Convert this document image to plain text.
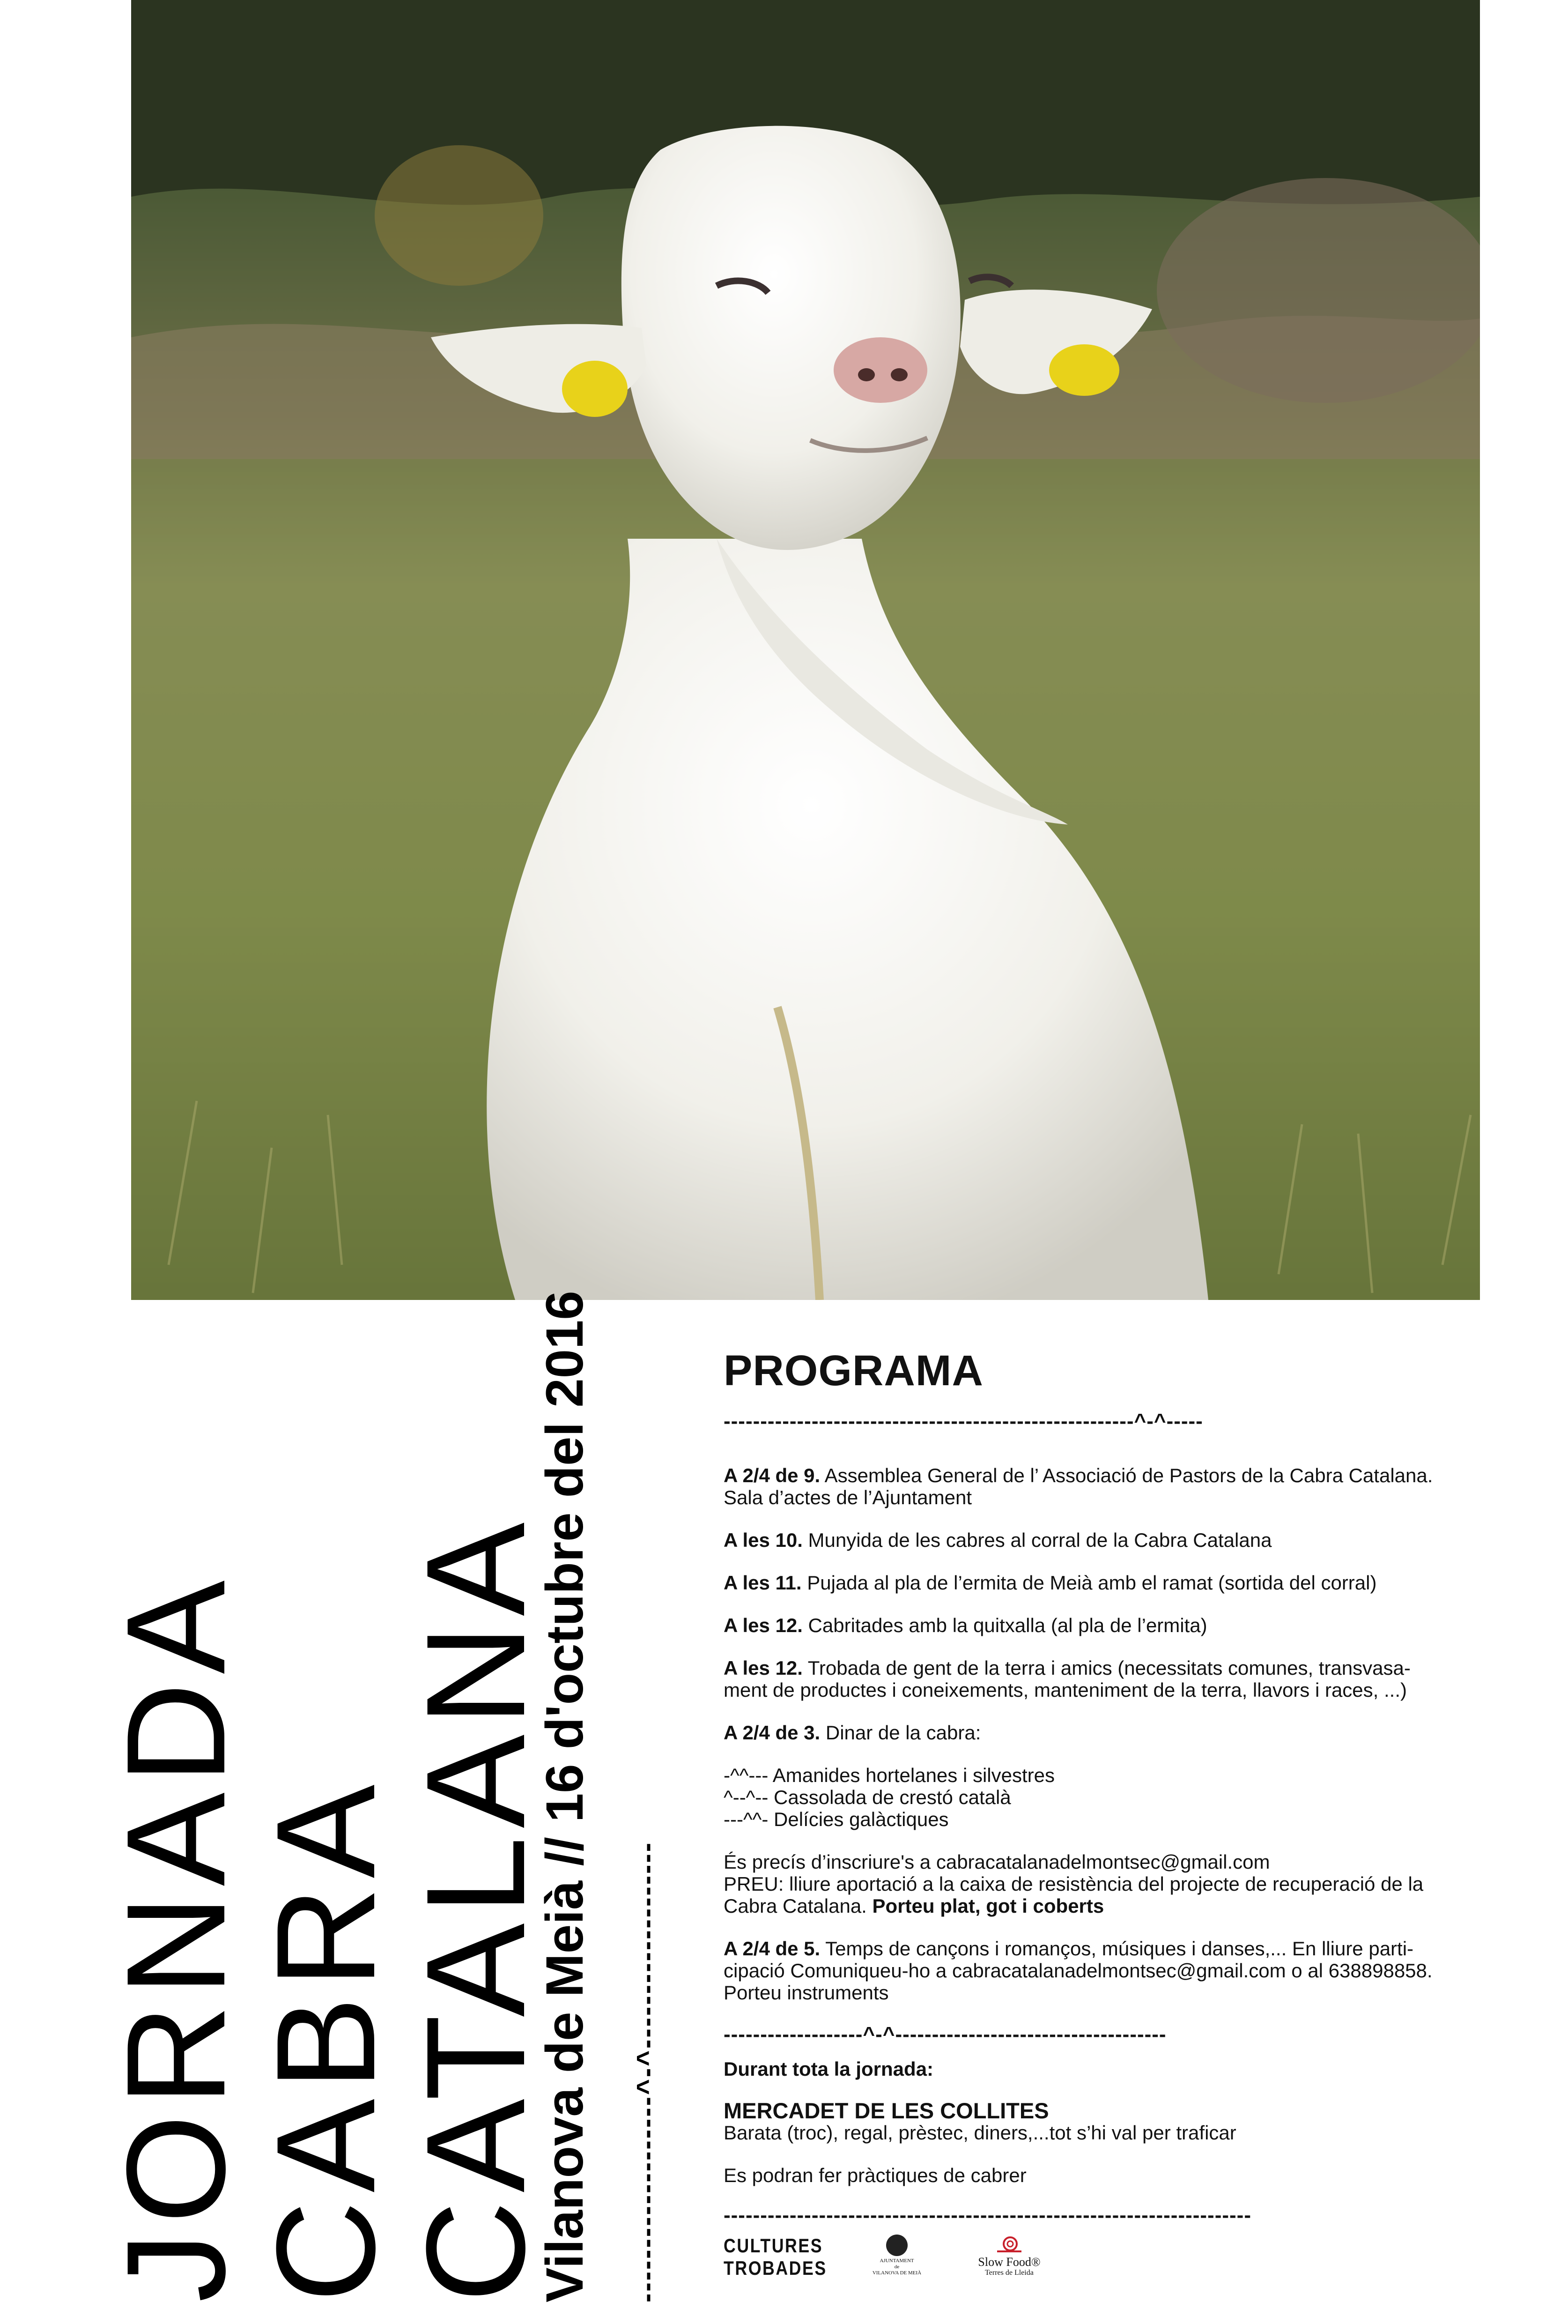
JORNADA
CABRA
CATALANA
Vilanova de Meià // 16 d'octubre del 2016 -------------------^-^-------------------
PROGRAMA
--------------------------------------------------------^-^-----
A 2/4 de 9. Assemblea General de l’ Associació de Pastors de la Cabra Catalana.
Sala d’actes de l’Ajuntament
A les 10. Munyida de les cabres al corral de la Cabra Catalana
A les 11. Pujada al pla de l’ermita de Meià amb el ramat (sortida del corral)
A les 12. Cabritades amb la quitxalla (al pla de l’ermita)
A les 12. Trobada de gent de la terra i amics (necessitats comunes, transvasa-
ment de productes i coneixements, manteniment de la terra, llavors i races, ...)
A 2/4 de 3. Dinar de la cabra:
-^^--- Amanides hortelanes i silvestres
^--^-- Cassolada de crestó català
---^^- Delícies galàctiques
És precís d’inscriure's a cabracatalanadelmontsec@gmail.com
PREU: lliure aportació a la caixa de resistència del projecte de recuperació de la
Cabra Catalana. Porteu plat, got i coberts
A 2/4 de 5. Temps de cançons i romanços, músiques i danses,... En lliure parti-
cipació Comuniqueu-ho a cabracatalanadelmontsec@gmail.com o al 638898858.
Porteu instruments
-------------------^-^-------------------------------------
Durant tota la jornada:
MERCADET DE LES COLLITES
Barata (troc), regal, prèstec, diners,...tot s’hi val per traficar
Es podran fer pràctiques de cabrer
------------------------------------------------------------------------
CULTURES
TROBADES	AJUNTAMENT
de
VILANOVA DE MEIÀ
Slow Food®
Terres de Lleida
